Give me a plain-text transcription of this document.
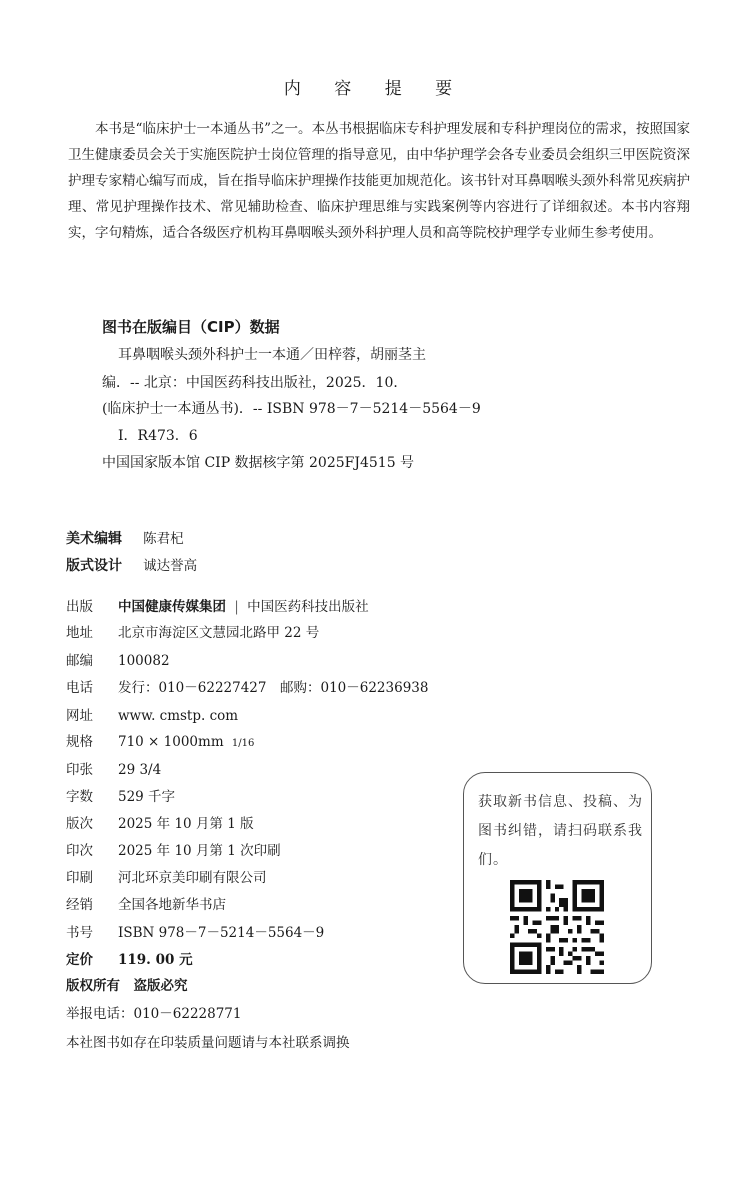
内 容 提 要

本书是“临床护士一本通丛书”之一。本丛书根据临床专科护理发展和专科护理岗位的需求，按照国家卫生健康委员会关于实施医院护士岗位管理的指导意见，由中华护理学会各专业委员会组织三甲医院资深护理专家精心编写而成，旨在指导临床护理操作技能更加规范化。该书针对耳鼻咽喉头颈外科常见疾病护理、常见护理操作技术、常见辅助检查、临床护理思维与实践案例等内容进行了详细叙述。本书内容翔实，字句精炼，适合各级医疗机构耳鼻咽喉头颈外科护理人员和高等院校护理学专业师生参考使用。

图书在版编目（CIP）数据
耳鼻咽喉头颈外科护士一本通／田梓蓉，胡丽茎主
编．-- 北京：中国医药科技出版社，2025．10．
(临床护士一本通丛书)．-- ISBN 978－7－5214－5564－9
Ⅰ．R473．6
中国国家版本馆 CIP 数据核字第 2025FJ4515 号
美术编辑 陈君杞
版式设计 诚达誉高
出版 中国健康传媒集团 | 中国医药科技出版社
地址 北京市海淀区文慧园北路甲 22 号
邮编 100082
电话 发行：010－62227427　邮购：010－62236938
网址 www. cmstp. com
规格 710 × 1000mm 1/16
印张 29 3/4
字数 529 千字
版次 2025 年 10 月第 1 版
印次 2025 年 10 月第 1 次印刷
印刷 河北环京美印刷有限公司
经销 全国各地新华书店
书号 ISBN 978－7－5214－5564－9
定价 119. 00 元
版权所有　盗版必究
举报电话：010－62228771
本社图书如存在印装质量问题请与本社联系调换
获取新书信息、投稿、为图书纠错，请扫码联系我们。
